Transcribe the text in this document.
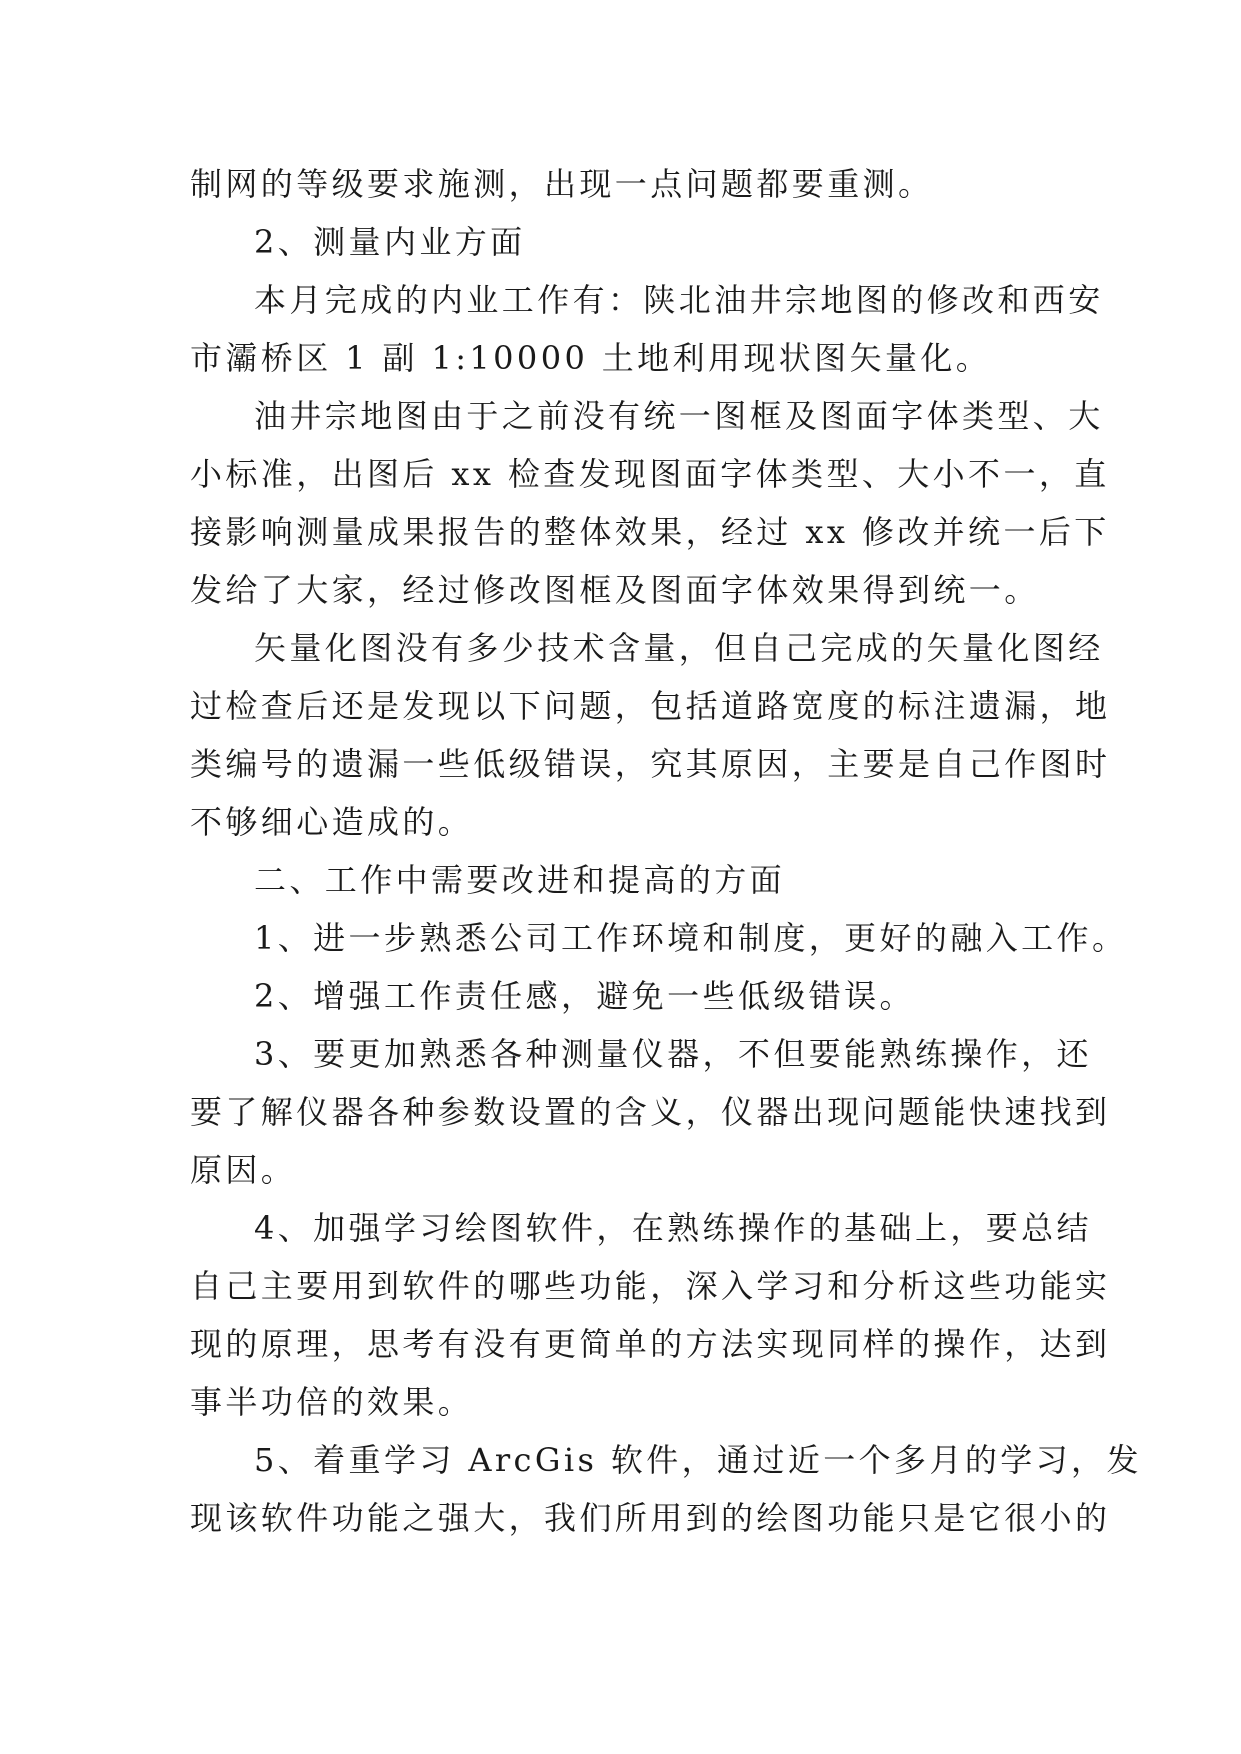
制网的等级要求施测，出现一点问题都要重测。
2、测量内业方面
本月完成的内业工作有：陕北油井宗地图的修改和西安
市灞桥区 1 副 1:10000 土地利用现状图矢量化。
油井宗地图由于之前没有统一图框及图面字体类型、大
小标准，出图后 xx 检查发现图面字体类型、大小不一，直
接影响测量成果报告的整体效果，经过 xx 修改并统一后下
发给了大家，经过修改图框及图面字体效果得到统一。
矢量化图没有多少技术含量，但自己完成的矢量化图经
过检查后还是发现以下问题，包括道路宽度的标注遗漏，地
类编号的遗漏一些低级错误，究其原因，主要是自己作图时
不够细心造成的。
二、工作中需要改进和提高的方面
1、进一步熟悉公司工作环境和制度，更好的融入工作。
2、增强工作责任感，避免一些低级错误。
3、要更加熟悉各种测量仪器，不但要能熟练操作，还
要了解仪器各种参数设置的含义，仪器出现问题能快速找到
原因。
4、加强学习绘图软件，在熟练操作的基础上，要总结
自己主要用到软件的哪些功能，深入学习和分析这些功能实
现的原理，思考有没有更简单的方法实现同样的操作，达到
事半功倍的效果。
5、着重学习 ArcGis 软件，通过近一个多月的学习，发
现该软件功能之强大，我们所用到的绘图功能只是它很小的
